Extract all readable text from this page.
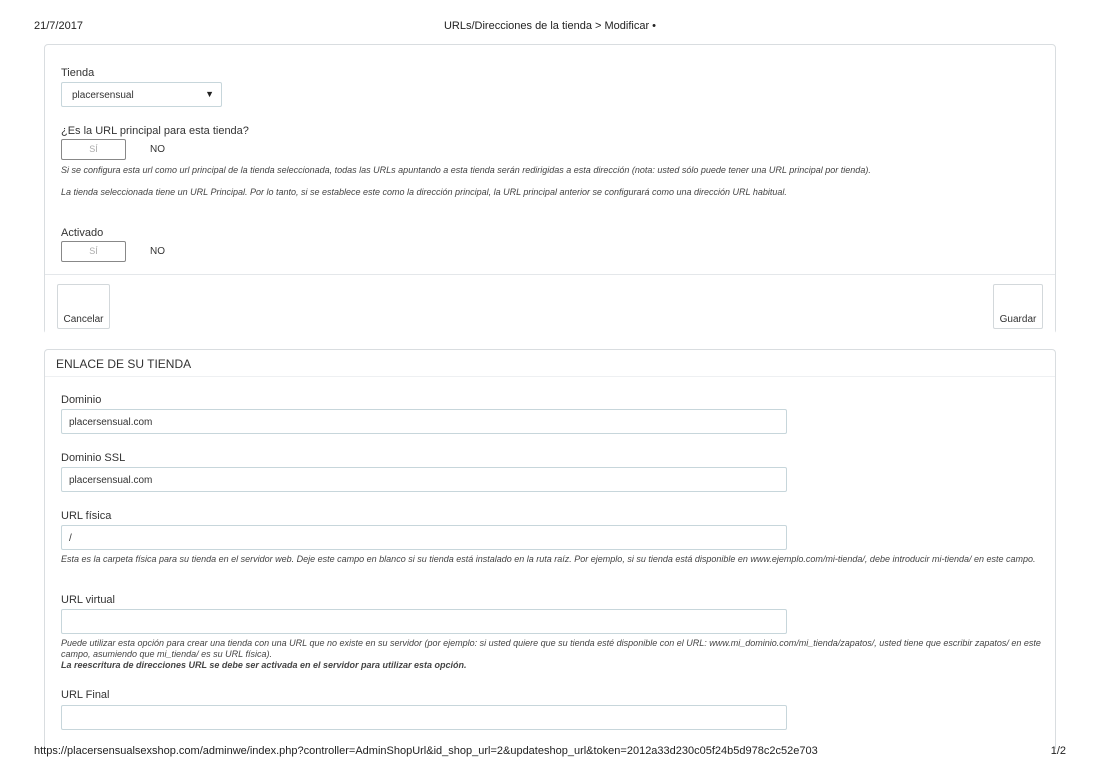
21/7/2017	URLs/Direcciones de la tienda > Modificar •
Tienda
placersensual	▼
¿Es la URL principal para esta tienda?
SÍ	NO
Si se configura esta url como url principal de la tienda seleccionada, todas las URLs apuntando a esta tienda serán redirigidas a esta dirección (nota: usted sólo puede tener una URL principal por tienda).
La tienda seleccionada tiene un URL Principal. Por lo tanto, si se establece este como la dirección principal, la URL principal anterior se configurará como una dirección URL habitual.
Activado
SÍ	NO
Cancelar	Guardar
ENLACE DE SU TIENDA
Dominio
placersensual.com
Dominio SSL
placersensual.com
URL física
/
Esta es la carpeta física para su tienda en el servidor web. Deje este campo en blanco si su tienda está instalado en la ruta raíz. Por ejemplo, si su tienda está disponible en www.ejemplo.com/mi-tienda/, debe introducir mi-tienda/ en este campo.
URL virtual
Puede utilizar esta opción para crear una tienda con una URL que no existe en su servidor (por ejemplo: si usted quiere que su tienda esté disponible con el URL: www.mi_dominio.com/mi_tienda/zapatos/, usted tiene que escribir zapatos/ en este campo, asumiendo que mi_tienda/ es su URL física).
La reescritura de direcciones URL se debe ser activada en el servidor para utilizar esta opción.
URL Final
https://placersensualsexshop.com/adminwe/index.php?controller=AdminShopUrl&id_shop_url=2&updateshop_url&token=2012a33d230c05f24b5d978c2c52e703	1/2
